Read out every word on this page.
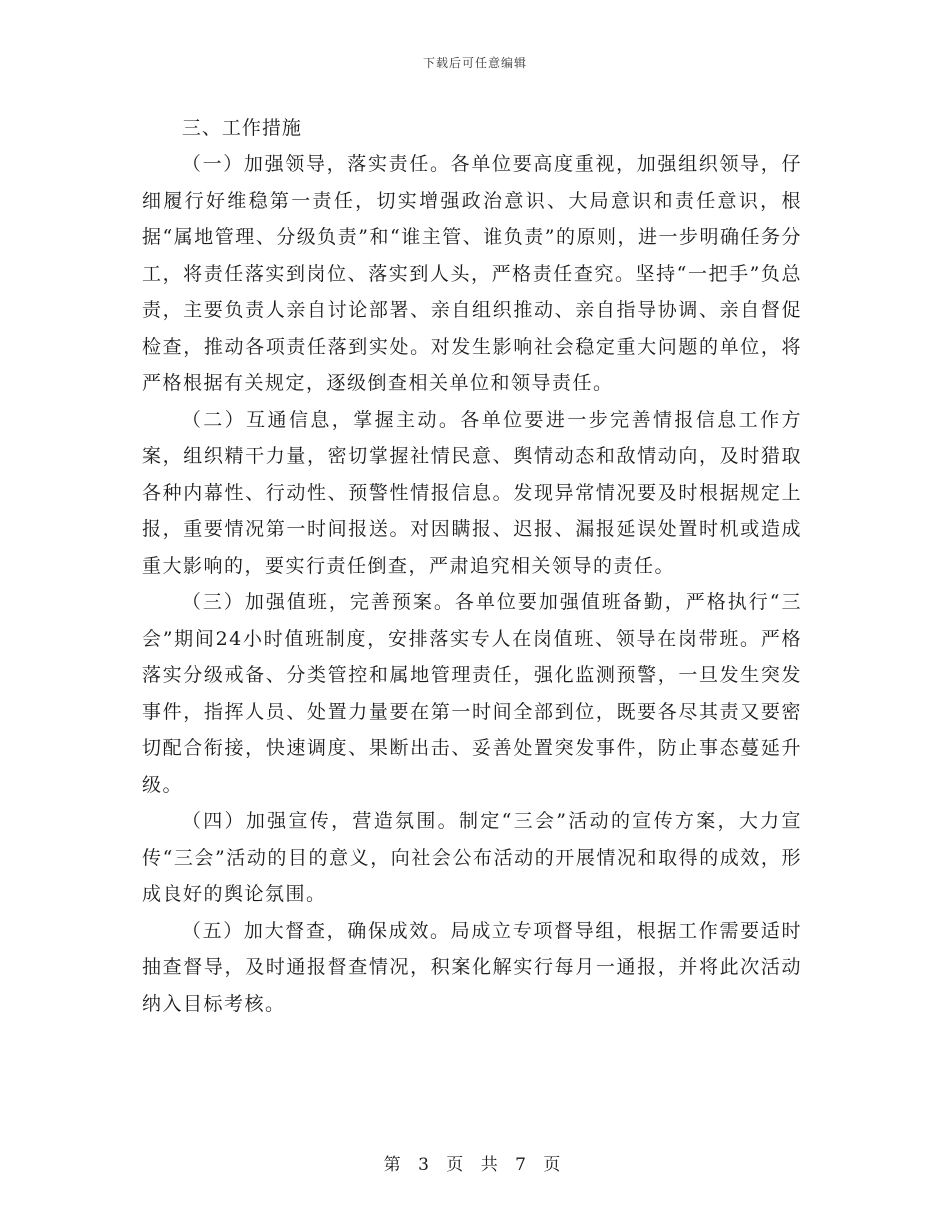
下载后可任意编辑

三、工作措施

（一）加强领导，落实责任。各单位要高度重视，加强组织领导，仔细履行好维稳第一责任，切实增强政治意识、大局意识和责任意识，根据“属地管理、分级负责”和“谁主管、谁负责”的原则，进一步明确任务分工，将责任落实到岗位、落实到人头，严格责任查究。坚持“一把手”负总责，主要负责人亲自讨论部署、亲自组织推动、亲自指导协调、亲自督促检查，推动各项责任落到实处。对发生影响社会稳定重大问题的单位，将严格根据有关规定，逐级倒查相关单位和领导责任。

（二）互通信息，掌握主动。各单位要进一步完善情报信息工作方案，组织精干力量，密切掌握社情民意、舆情动态和敌情动向，及时猎取各种内幕性、行动性、预警性情报信息。发现异常情况要及时根据规定上报，重要情况第一时间报送。对因瞒报、迟报、漏报延误处置时机或造成重大影响的，要实行责任倒查，严肃追究相关领导的责任。

（三）加强值班，完善预案。各单位要加强值班备勤，严格执行“三会”期间24小时值班制度，安排落实专人在岗值班、领导在岗带班。严格落实分级戒备、分类管控和属地管理责任，强化监测预警，一旦发生突发事件，指挥人员、处置力量要在第一时间全部到位，既要各尽其责又要密切配合衔接，快速调度、果断出击、妥善处置突发事件，防止事态蔓延升级。

（四）加强宣传，营造氛围。制定“三会”活动的宣传方案，大力宣传“三会”活动的目的意义，向社会公布活动的开展情况和取得的成效，形成良好的舆论氛围。

（五）加大督查，确保成效。局成立专项督导组，根据工作需要适时抽查督导，及时通报督查情况，积案化解实行每月一通报，并将此次活动纳入目标考核。

第 3 页 共 7 页
